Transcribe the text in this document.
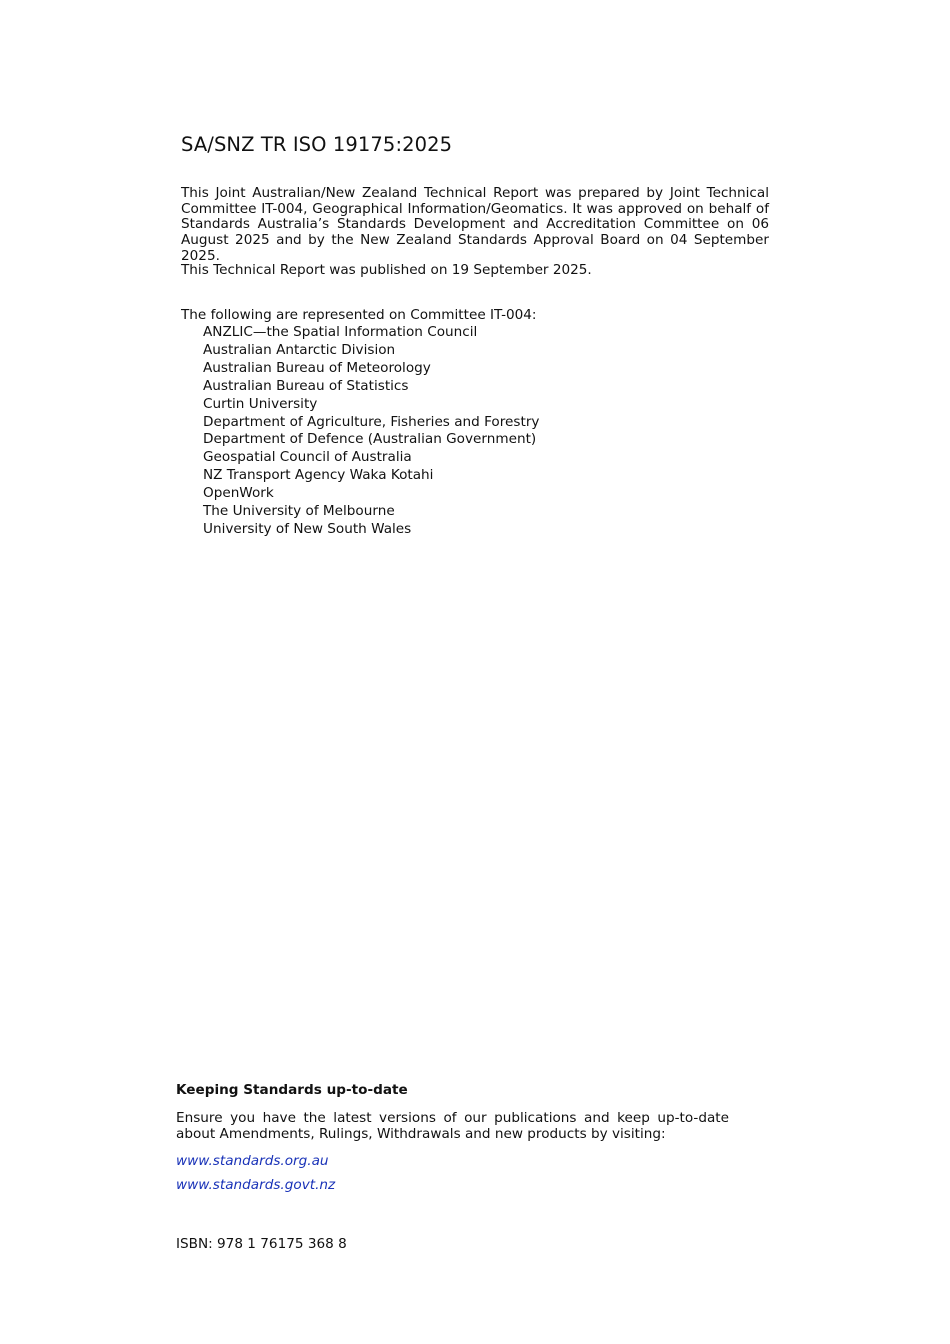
SA/SNZ TR ISO 19175:2025

This Joint Australian/New Zealand Technical Report was prepared by Joint Technical Committee IT-004, Geographical Information/Geomatics. It was approved on behalf of Standards Australia’s Standards Development and Accreditation Committee on 06 August 2025 and by the New Zealand Standards Approval Board on 04 September 2025.

This Technical Report was published on 19 September 2025.

The following are represented on Committee IT-004:

ANZLIC—the Spatial Information Council
Australian Antarctic Division
Australian Bureau of Meteorology
Australian Bureau of Statistics
Curtin University
Department of Agriculture, Fisheries and Forestry
Department of Defence (Australian Government)
Geospatial Council of Australia
NZ Transport Agency Waka Kotahi
OpenWork
The University of Melbourne
University of New South Wales
Keeping Standards up-to-date

Ensure you have the latest versions of our publications and keep up-to-date about Amendments, Rulings, Withdrawals and new products by visiting:

www.standards.org.au
www.standards.govt.nz

ISBN: 978 1 76175 368 8
